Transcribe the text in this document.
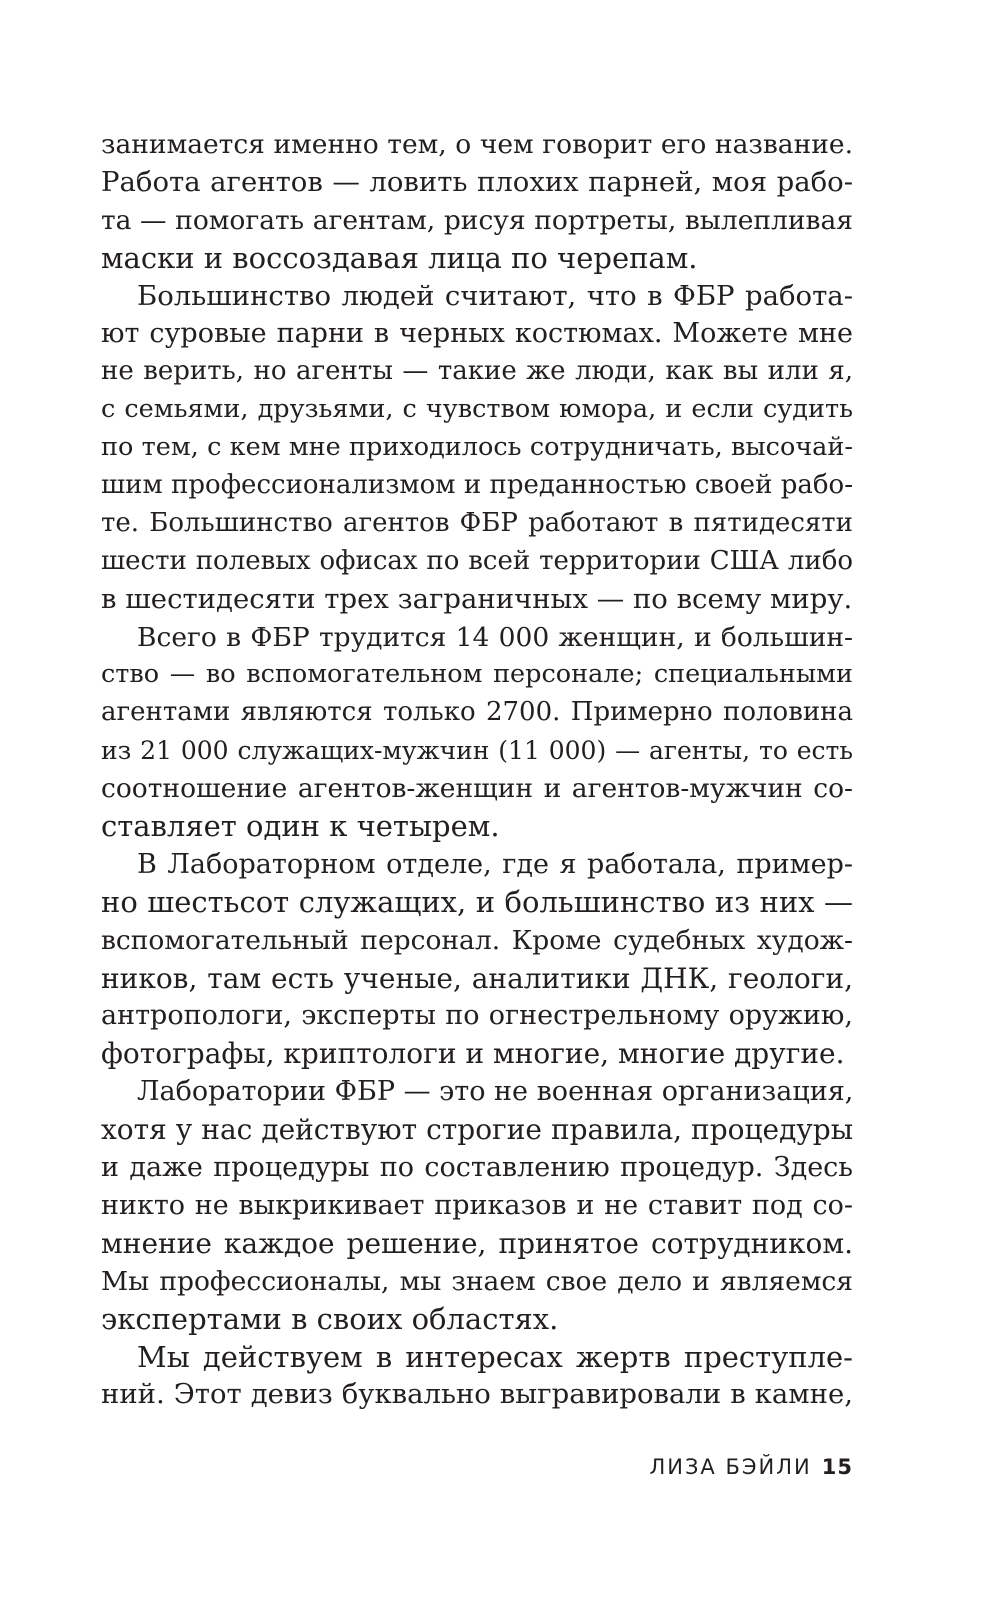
занимается именно тем, о чем говорит его название.
Работа агентов — ловить плохих парней, моя рабо-
та — помогать агентам, рисуя портреты, вылепливая
маски и воссоздавая лица по черепам.
Большинство людей считают, что в ФБР работа-
ют суровые парни в черных костюмах. Можете мне
не верить, но агенты — такие же люди, как вы или я,
с семьями, друзьями, с чувством юмора, и если судить
по тем, с кем мне приходилось сотрудничать, высочай-
шим профессионализмом и преданностью своей рабо-
те. Большинство агентов ФБР работают в пятидесяти
шести полевых офисах по всей территории США либо
в шестидесяти трех заграничных — по всему миру.
Всего в ФБР трудится 14 000 женщин, и большин-
ство — во вспомогательном персонале; специальными
агентами являются только 2700. Примерно половина
из 21 000 служащих-мужчин (11 000) — агенты, то есть
соотношение агентов-женщин и агентов-мужчин со-
ставляет один к четырем.
В Лабораторном отделе, где я работала, пример-
но шестьсот служащих, и большинство из них —
вспомогательный персонал. Кроме судебных худож-
ников, там есть ученые, аналитики ДНК, геологи,
антропологи, эксперты по огнестрельному оружию,
фотографы, криптологи и многие, многие другие.
Лаборатории ФБР — это не военная организация,
хотя у нас действуют строгие правила, процедуры
и даже процедуры по составлению процедур. Здесь
никто не выкрикивает приказов и не ставит под со-
мнение каждое решение, принятое сотрудником.
Мы профессионалы, мы знаем свое дело и являемся
экспертами в своих областях.
Мы действуем в интересах жертв преступле-
ний. Этот девиз буквально выгравировали в камне,
ЛИЗА БЭЙЛИ 15
